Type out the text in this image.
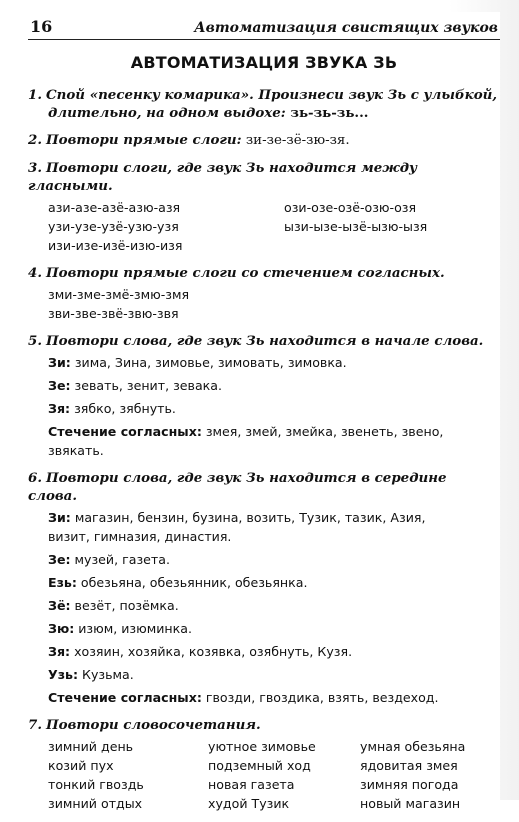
16	Автоматизация свистящих звуков
АВТОМАТИЗАЦИЯ ЗВУКА ЗЬ
1. Спой «песенку комарика». Произнеси звук Зь с улыбкой,
длительно, на одном выдохе: зь-зь-зь...
2. Повтори прямые слоги: зи-зе-зё-зю-зя.
3. Повтори слоги, где звук Зь находится между гласными.
ази-азе-азё-азю-азя	ози-озе-озё-озю-озя
узи-узе-узё-узю-узя	ызи-ызе-ызё-ызю-ызя
изи-изе-изё-изю-изя
4. Повтори прямые слоги со стечением согласных.
зми-зме-змё-змю-змя
зви-зве-звё-звю-звя
5. Повтори слова, где звук Зь находится в начале слова.
Зи: зима, Зина, зимовье, зимовать, зимовка.
Зе: зевать, зенит, зевака.
Зя: зябко, зябнуть.
Стечение согласных: змея, змей, змейка, звенеть, звено,
звякать.
6. Повтори слова, где звук Зь находится в середине слова.
Зи: магазин, бензин, бузина, возить, Тузик, тазик, Азия,
визит, гимназия, династия.
Зе: музей, газета.
Езь: обезьяна, обезьянник, обезьянка.
Зё: везёт, позёмка.
Зю: изюм, изюминка.
Зя: хозяин, хозяйка, козявка, озябнуть, Кузя.
Узь: Кузьма.
Стечение согласных: гвозди, гвоздика, взять, вездеход.
7. Повтори словосочетания.
зимний день	уютное зимовье	умная обезьяна
козий пух	подземный ход	ядовитая змея
тонкий гвоздь	новая газета	зимняя погода
зимний отдых	худой Тузик	новый магазин
